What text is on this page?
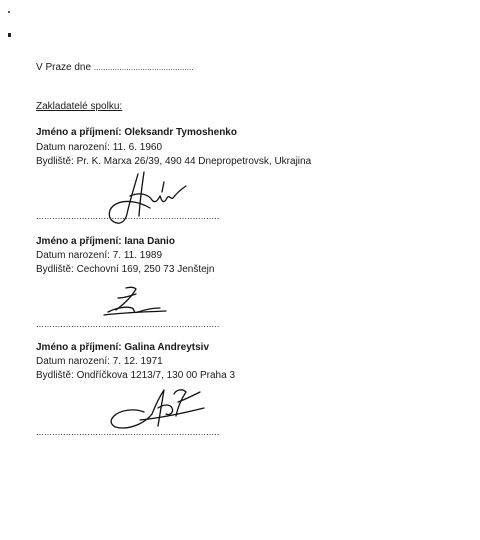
V Praze dne ...........................................
Zakladatelé spolku:
Jméno a příjmení: Oleksandr Tymoshenko
Datum narození: 11. 6. 1960
Bydliště: Pr. K. Marxa 26/39, 490 44 Dnepropetrovsk, Ukrajina
....................................................................
Jméno a příjmení: Iana Danio
Datum narození: 7. 11. 1989
Bydliště: Cechovní 169, 250 73 Jenštejn
....................................................................
Jméno a příjmení: Galina Andreytsiv
Datum narození: 7. 12. 1971
Bydliště: Ondříčkova 1213/7, 130 00 Praha 3
....................................................................
